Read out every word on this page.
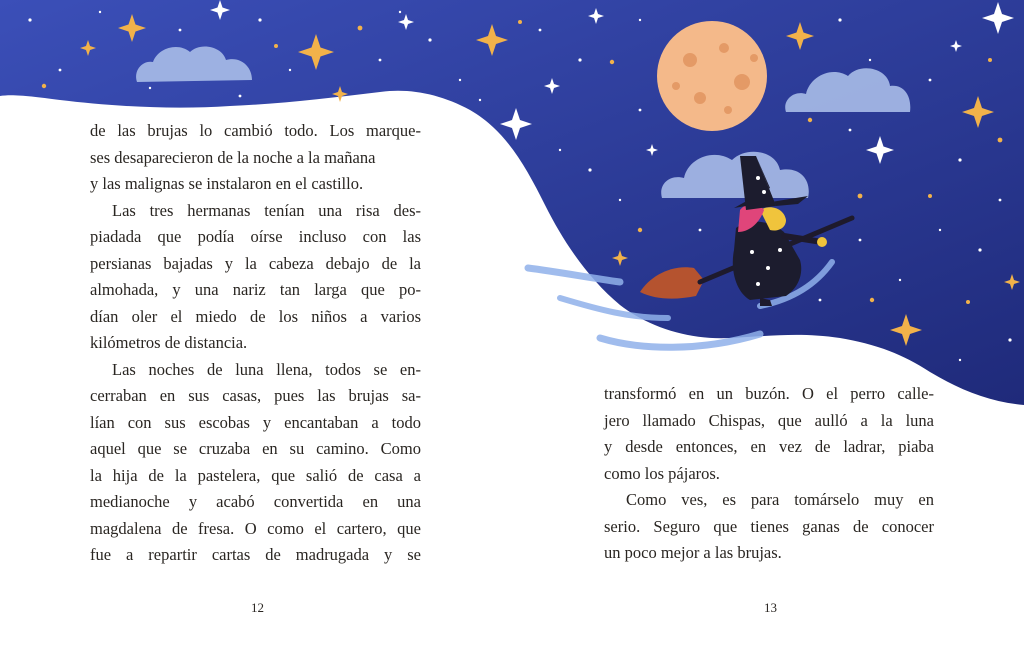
de las brujas lo cambió todo. Los marque-
ses desaparecieron de la noche a la mañana
y las malignas se instalaron en el castillo.
Las tres hermanas tenían una risa des-
piadada que podía oírse incluso con las
persianas bajadas y la cabeza debajo de la
almohada, y una nariz tan larga que po-
dían oler el miedo de los niños a varios
kilómetros de distancia.
Las noches de luna llena, todos se en-
cerraban en sus casas, pues las brujas sa-
lían con sus escobas y encantaban a todo
aquel que se cruzaba en su camino. Como
la hija de la pastelera, que salió de casa a
medianoche y acabó convertida en una
magdalena de fresa. O como el cartero, que
fue a repartir cartas de madrugada y se
transformó en un buzón. O el perro calle-
jero llamado Chispas, que aulló a la luna
y desde entonces, en vez de ladrar, piaba
como los pájaros.
Como ves, es para tomárselo muy en
serio. Seguro que tienes ganas de conocer
un poco mejor a las brujas.
12	13
